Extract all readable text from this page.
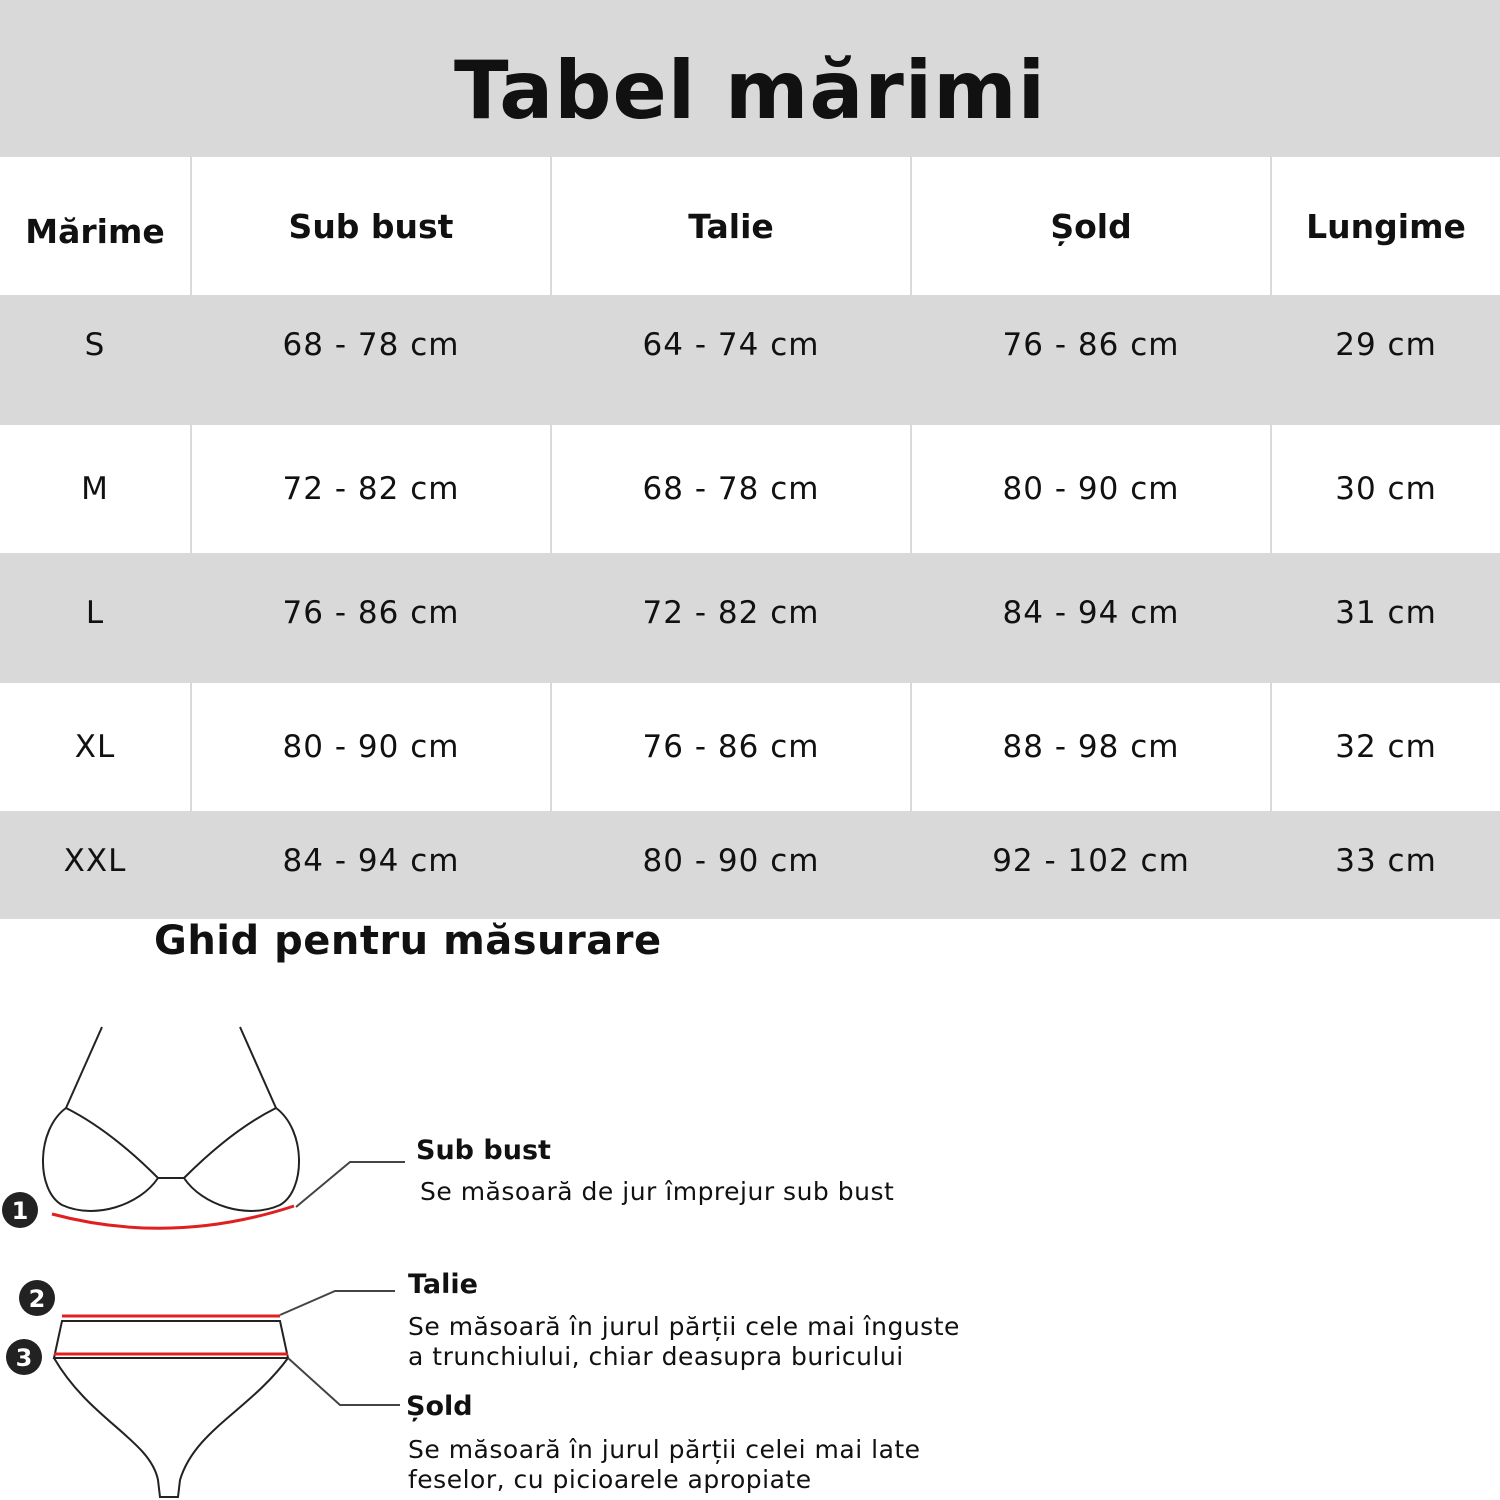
Tabel mărimi
Mărime	Sub bust	Talie	Șold	Lungime
S	68 - 78 cm	64 - 74 cm	76 - 86 cm	29 cm
M	72 - 82 cm	68 - 78 cm	80 - 90 cm	30 cm
L	76 - 86 cm	72 - 82 cm	84 - 94 cm	31 cm
XL	80 - 90 cm	76 - 86 cm	88 - 98 cm	32 cm
XXL	84 - 94 cm	80 - 90 cm	92 - 102 cm	33 cm
Ghid pentru măsurare
1
2
3
Sub bust
Se măsoară de jur împrejur sub bust
Talie
Se măsoară în jurul părții cele mai înguste
a trunchiului, chiar deasupra buricului
Șold
Se măsoară în jurul părții celei mai late
feselor, cu picioarele apropiate
